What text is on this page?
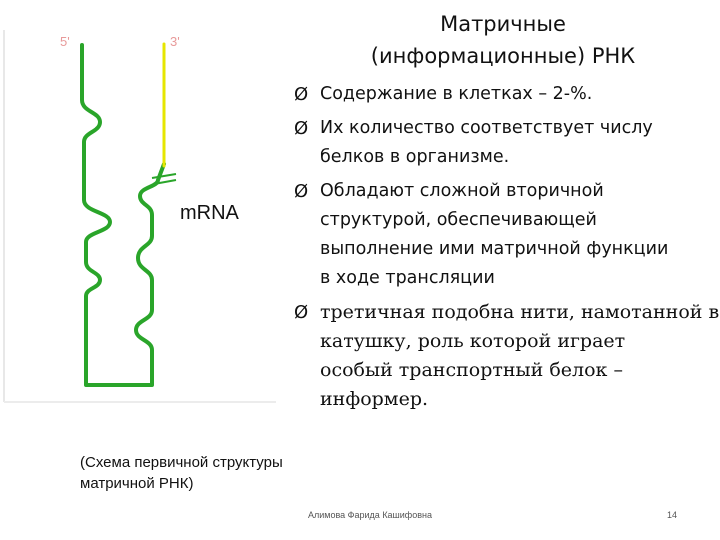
5'	3'
mRNA
Матричные
(информационные) РНК
Ø Содержание в клетках – 2-%.
Ø Их количество соответствует числу
белков в организме.
Ø Обладают сложной вторичной
структурой, обеспечивающей
выполнение ими матричной функции
в ходе трансляции
Ø третичная подобна нити, намотанной в
катушку, роль которой играет
особый транспортный белок –
информер.
(Схема первичной структуры
матричной РНК)
Алимова Фарида Кашифовна	14
